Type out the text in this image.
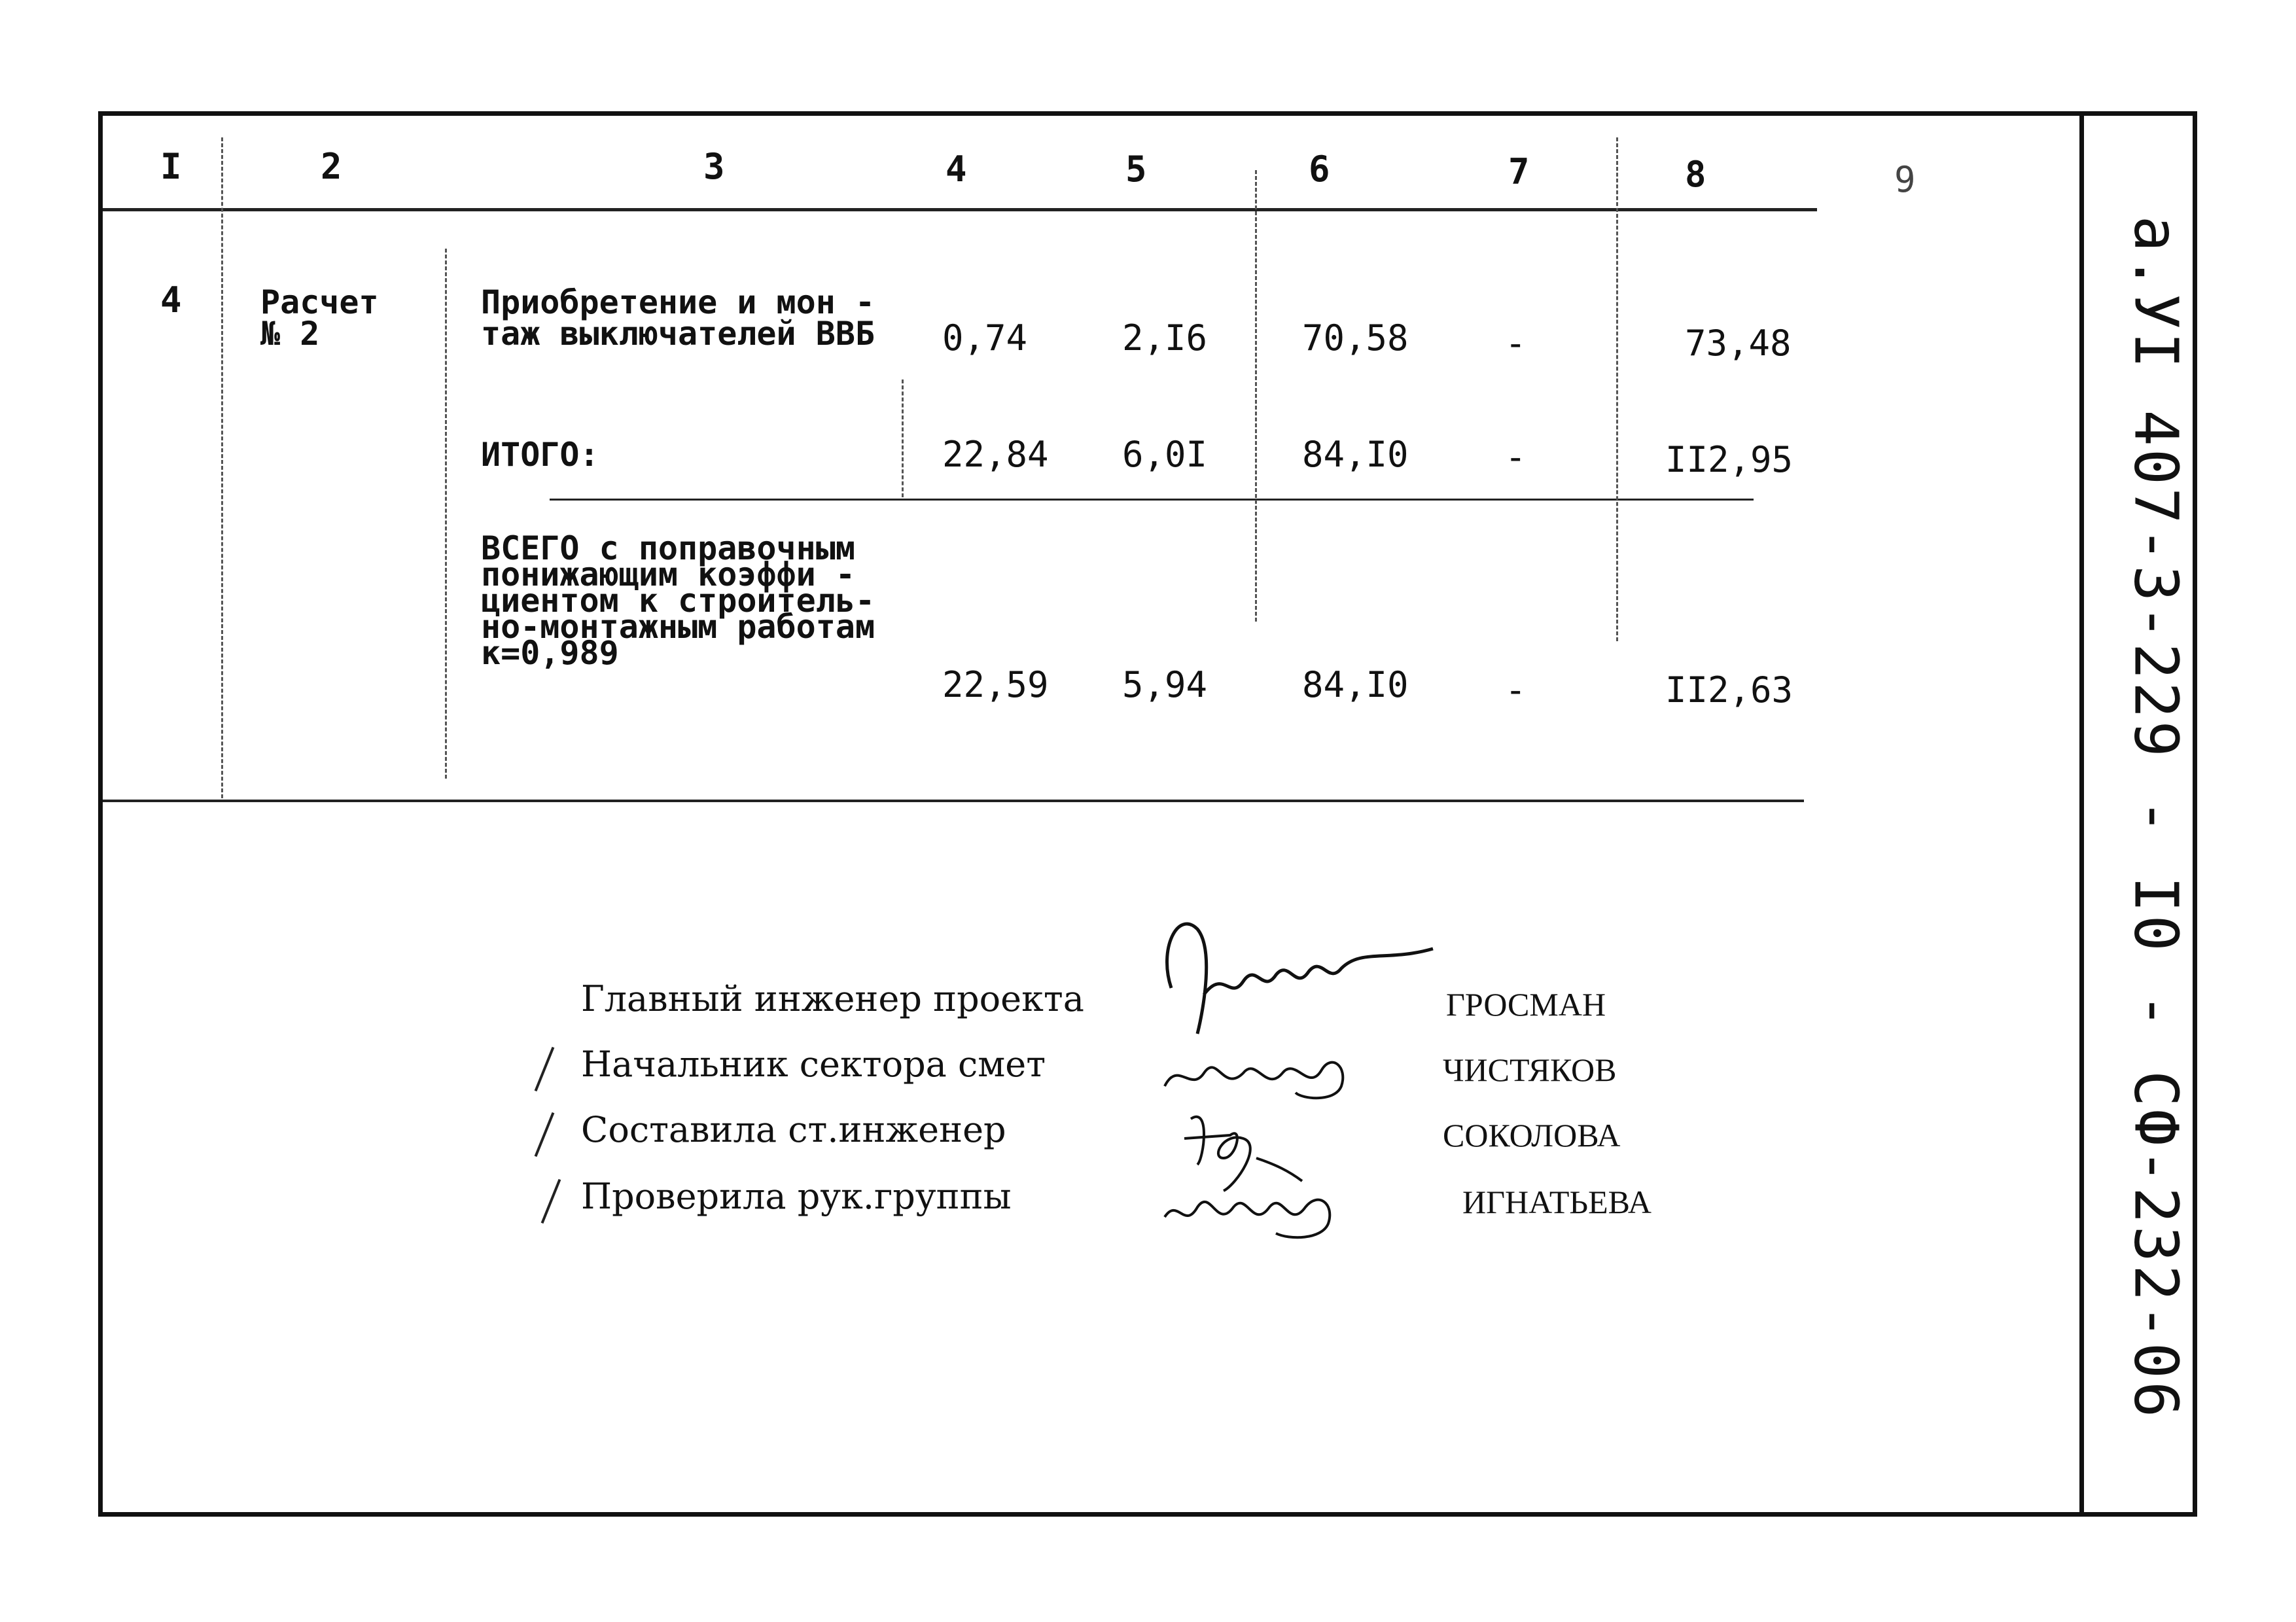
I	2	3	4	5	6	7	8	9
4 Расчет
№ 2
Приобретение и мон -
таж выключателей ВВБ 0,74	2,I6	70,58	-	73,48
ИТОГО:	22,84 6,0I	84,I0	-	II2,95
ВСЕГО с поправочным
понижающим коэффи -
циентом к строитель-
но-монтажным работам
к=0,989
22,59 5,94	84,I0	-	II2,63
Главный инженер проекта
Начальник сектора смет
Составила ст.инженер
Проверила рук.группы
ГРОСМАН
ЧИСТЯКОВ
СОКОЛОВА
ИГНАТЬЕВА	а.УI 407-3-229 - I0 - СФ-232-06
